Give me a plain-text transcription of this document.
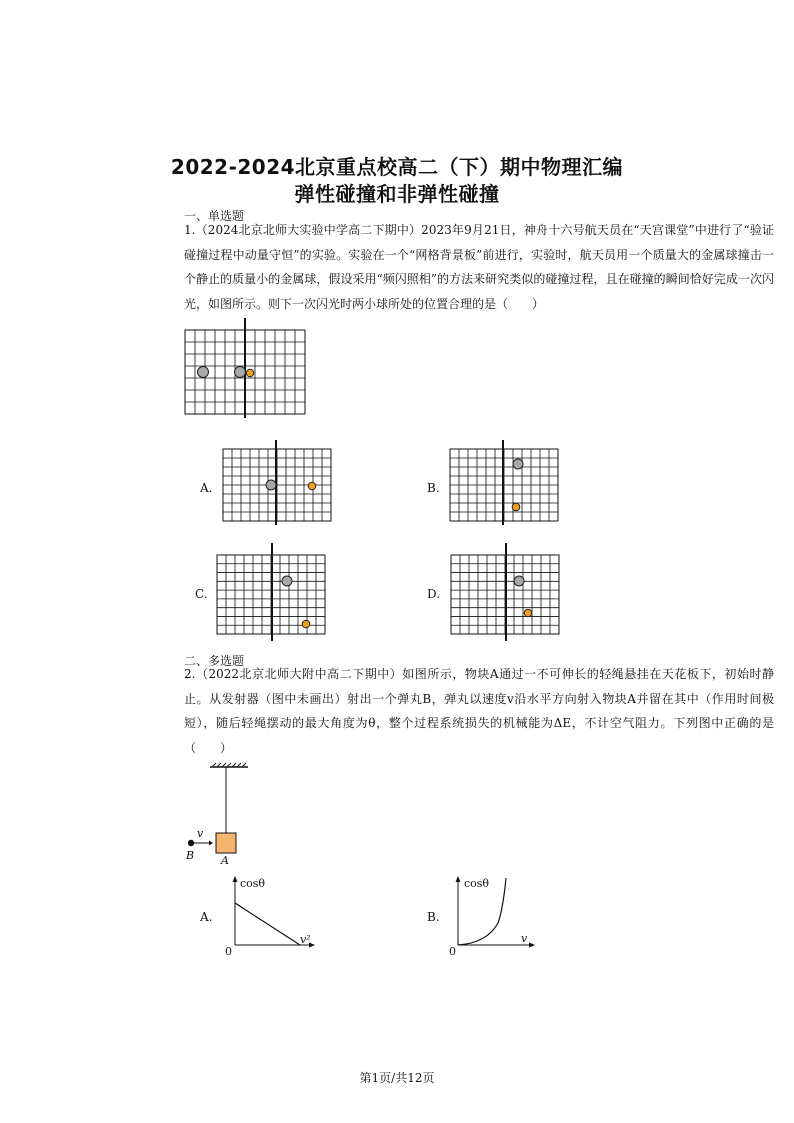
2022-2024北京重点校高二（下）期中物理汇编
弹性碰撞和非弹性碰撞
一、单选题
1.（2024北京北师大实验中学高二下期中）2023年9月21日，神舟十六号航天员在“天宫课堂”中进行了“验证碰撞过程中动量守恒”的实验。实验在一个“网格背景板”前进行，实验时，航天员用一个质量大的金属球撞击一个静止的质量小的金属球，假设采用“频闪照相”的方法来研究类似的碰撞过程，且在碰撞的瞬间恰好完成一次闪光，如图所示。则下一次闪光时两小球所处的位置合理的是（　　）
A.	B.
C.	D.
二、多选题
2.（2022北京北师大附中高二下期中）如图所示，物块A通过一不可伸长的轻绳悬挂在天花板下，初始时静止。从发射器（图中未画出）射出一个弹丸B，弹丸以速度v沿水平方向射入物块A并留在其中（作用时间极短），随后轻绳摆动的最大角度为θ，整个过程系统损失的机械能为ΔE，不计空气阻力。下列图中正确的是（　　）
v
B A
A.
cosθ
v²
0
B.
cosθ
v
0
第1页/共12页
